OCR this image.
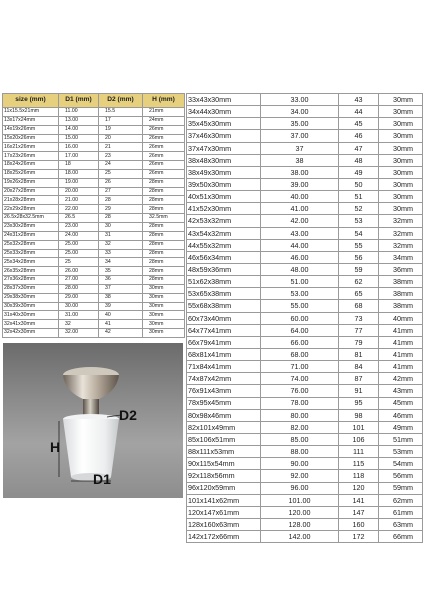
size (mm)	D1 (mm)	D2 (mm)	H (mm)
11x15.5x21mm	11.00	15.5	21mm
13x17x24mm	13.00	17	24mm
14x19x26mm	14.00	19	26mm
15x20x26mm	15.00	20	26mm
16x21x26mm	16.00	21	26mm
17x23x26mm	17.00	23	26mm
18x24x26mm	18	24	26mm
18x25x26mm	18.00	25	26mm
19x26x28mm	19.00	26	28mm
20x27x28mm	20.00	27	28mm
21x28x28mm	21.00	28	28mm
22x29x28mm	22.00	29	28mm
26.5x28x32.5mm	26.5	28	32.5mm
23x30x28mm	23.00	30	28mm
24x31x28mm	24.00	31	28mm
25x32x28mm	25.00	32	28mm
25x33x28mm	25.00	33	28mm
25x34x28mm	25	34	28mm
26x35x28mm	26.00	35	28mm
27x36x28mm	27.00	36	28mm
28x37x30mm	28.00	37	30mm
29x38x30mm	29.00	38	30mm
30x39x30mm	30.00	39	30mm
31x40x30mm	31.00	40	30mm
32x41x30mm	32	41	30mm
32x42x30mm	32.00	42	30mm
33x43x30mm	33.00	43	30mm
34x44x30mm	34.00	44	30mm
35x45x30mm	35.00	45	30mm
37x46x30mm	37.00	46	30mm
37x47x30mm	37	47	30mm
38x48x30mm	38	48	30mm
38x49x30mm	38.00	49	30mm
39x50x30mm	39.00	50	30mm
40x51x30mm	40.00	51	30mm
41x52x30mm	41.00	52	30mm
42x53x32mm	42.00	53	32mm
43x54x32mm	43.00	54	32mm
44x55x32mm	44.00	55	32mm
46x56x34mm	46.00	56	34mm
48x59x36mm	48.00	59	36mm
51x62x38mm	51.00	62	38mm
53x65x38mm	53.00	65	38mm
55x68x38mm	55.00	68	38mm
60x73x40mm	60.00	73	40mm
64x77x41mm	64.00	77	41mm
66x79x41mm	66.00	79	41mm
68x81x41mm	68.00	81	41mm
71x84x41mm	71.00	84	41mm
74x87x42mm	74.00	87	42mm
76x91x43mm	76.00	91	43mm
78x95x45mm	78.00	95	45mm
80x98x46mm	80.00	98	46mm
82x101x49mm	82.00	101	49mm
85x106x51mm	85.00	106	51mm
88x111x53mm	88.00	111	53mm
90x115x54mm	90.00	115	54mm
92x118x56mm	92.00	118	56mm
96x120x59mm	96.00	120	59mm
101x141x62mm	101.00	141	62mm
120x147x61mm	120.00	147	61mm
128x160x63mm	128.00	160	63mm
142x172x66mm	142.00	172	66mm
D2
H
D1
